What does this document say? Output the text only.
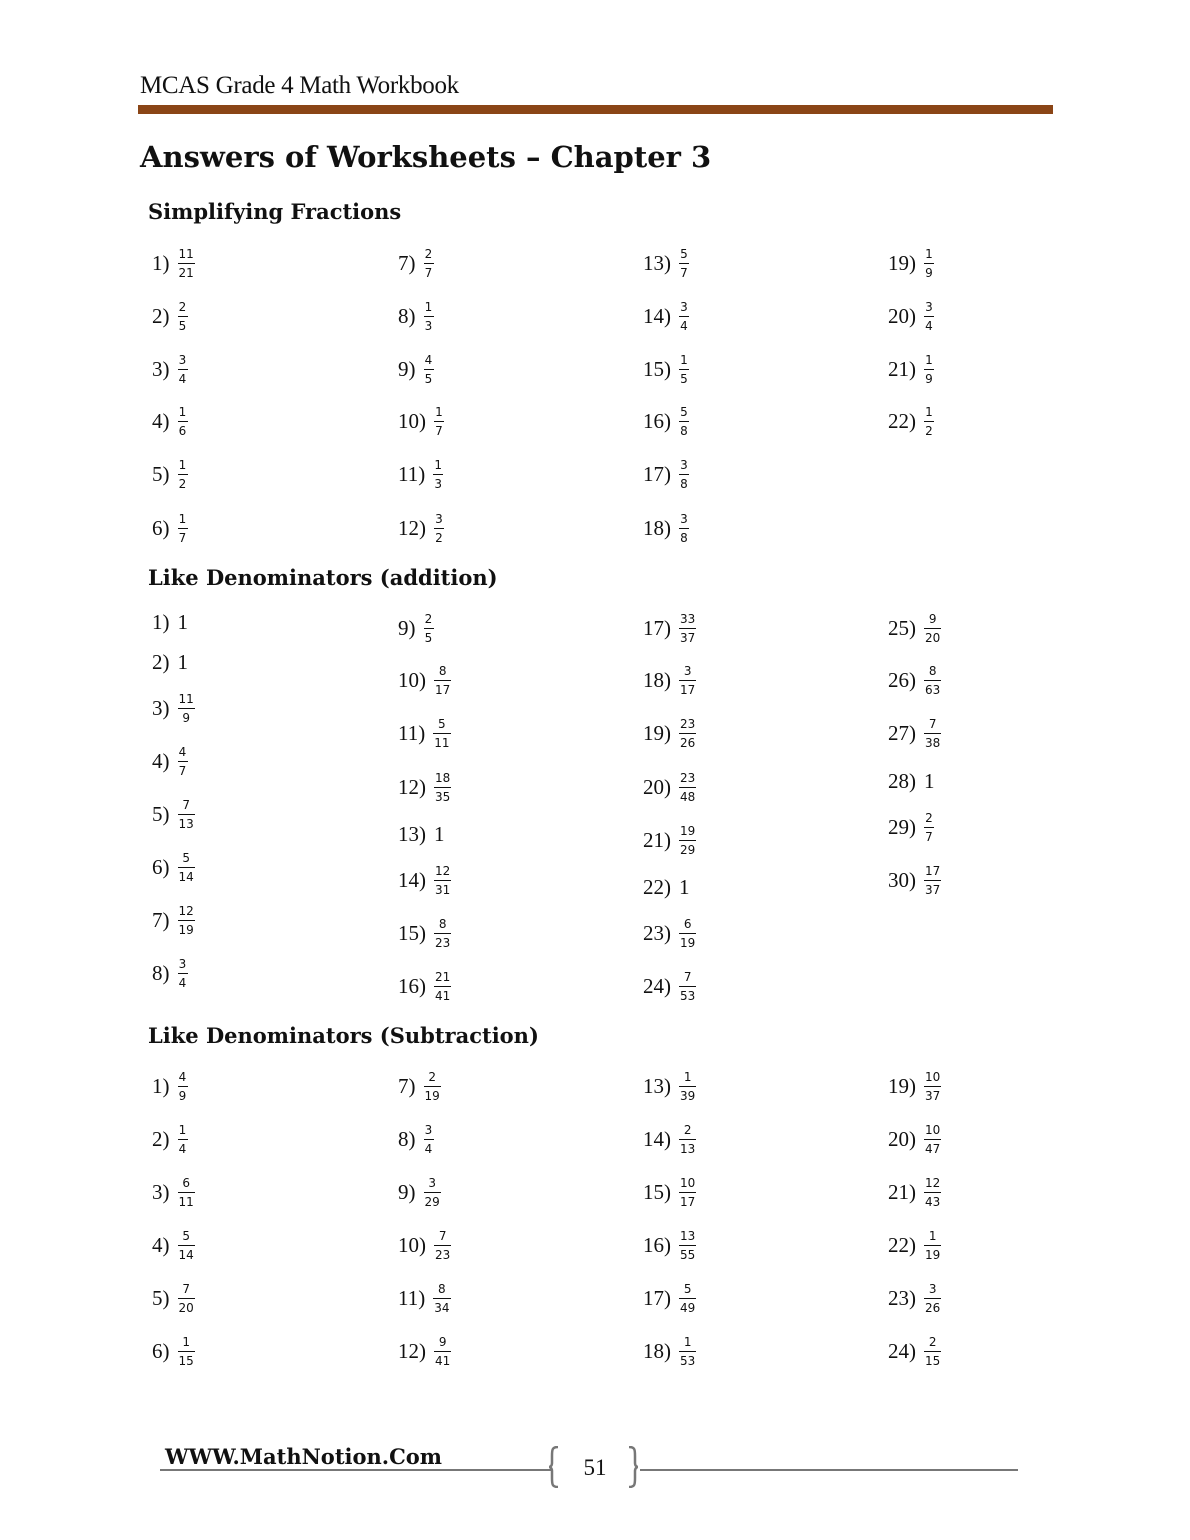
MCAS Grade 4 Math Workbook
Answers of Worksheets – Chapter 3
Simplifying Fractions
Like Denominators (addition)
Like Denominators (Subtraction)
$1) \frac{11}{21}$
$2) \frac{2}{5}$
$3) \frac{3}{4}$
$4) \frac{1}{6}$
$5) \frac{1}{2}$
$6) \frac{1}{7}$
$7) \frac{2}{7}$
$8) \frac{1}{3}$
$9) \frac{4}{5}$
$10) \frac{1}{7}$
$11) \frac{1}{3}$
$12) \frac{3}{2}$
$13) \frac{5}{7}$
$14) \frac{3}{4}$
$15) \frac{1}{5}$
$16) \frac{5}{8}$
$17) \frac{3}{8}$
$18) \frac{3}{8}$
$19) \frac{1}{9}$
$20) \frac{3}{4}$
$21) \frac{1}{9}$
$22) \frac{1}{2}$
1) 1
2) 1
$3) \frac{11}{9}$
$4) \frac{4}{7}$
$5) \frac{7}{13}$
$6) \frac{5}{14}$
$7) \frac{12}{19}$
$8) \frac{3}{4}$
$9) \frac{2}{5}$
$10) \frac{8}{17}$
$11) \frac{5}{11}$
$12) \frac{18}{35}$
13) 1
$14) \frac{12}{31}$
$15) \frac{8}{23}$
$16) \frac{21}{41}$
$17) \frac{33}{37}$
$18) \frac{3}{17}$
$19) \frac{23}{26}$
$20) \frac{23}{48}$
$21) \frac{19}{29}$
22) 1
$23) \frac{6}{19}$
$24) \frac{7}{53}$
$25) \frac{9}{20}$
$26) \frac{8}{63}$
$27) \frac{7}{38}$
28) 1
$29) \frac{2}{7}$
$30) \frac{17}{37}$
$1) \frac{4}{9}$
$2) \frac{1}{4}$
$3) \frac{6}{11}$
$4) \frac{5}{14}$
$5) \frac{7}{20}$
$6) \frac{1}{15}$
$7) \frac{2}{19}$
$8) \frac{3}{4}$
$9) \frac{3}{29}$
$10) \frac{7}{23}$
$11) \frac{8}{34}$
$12) \frac{9}{41}$
$13) \frac{1}{39}$
$14) \frac{2}{13}$
$15) \frac{10}{17}$
$16) \frac{13}{55}$
$17) \frac{5}{49}$
$18) \frac{1}{53}$
$19) \frac{10}{37}$
$20) \frac{10}{47}$
$21) \frac{12}{43}$
$22) \frac{1}{19}$
$23) \frac{3}{26}$
$24) \frac{2}{15}$
WWW.MathNotion.Com	51
